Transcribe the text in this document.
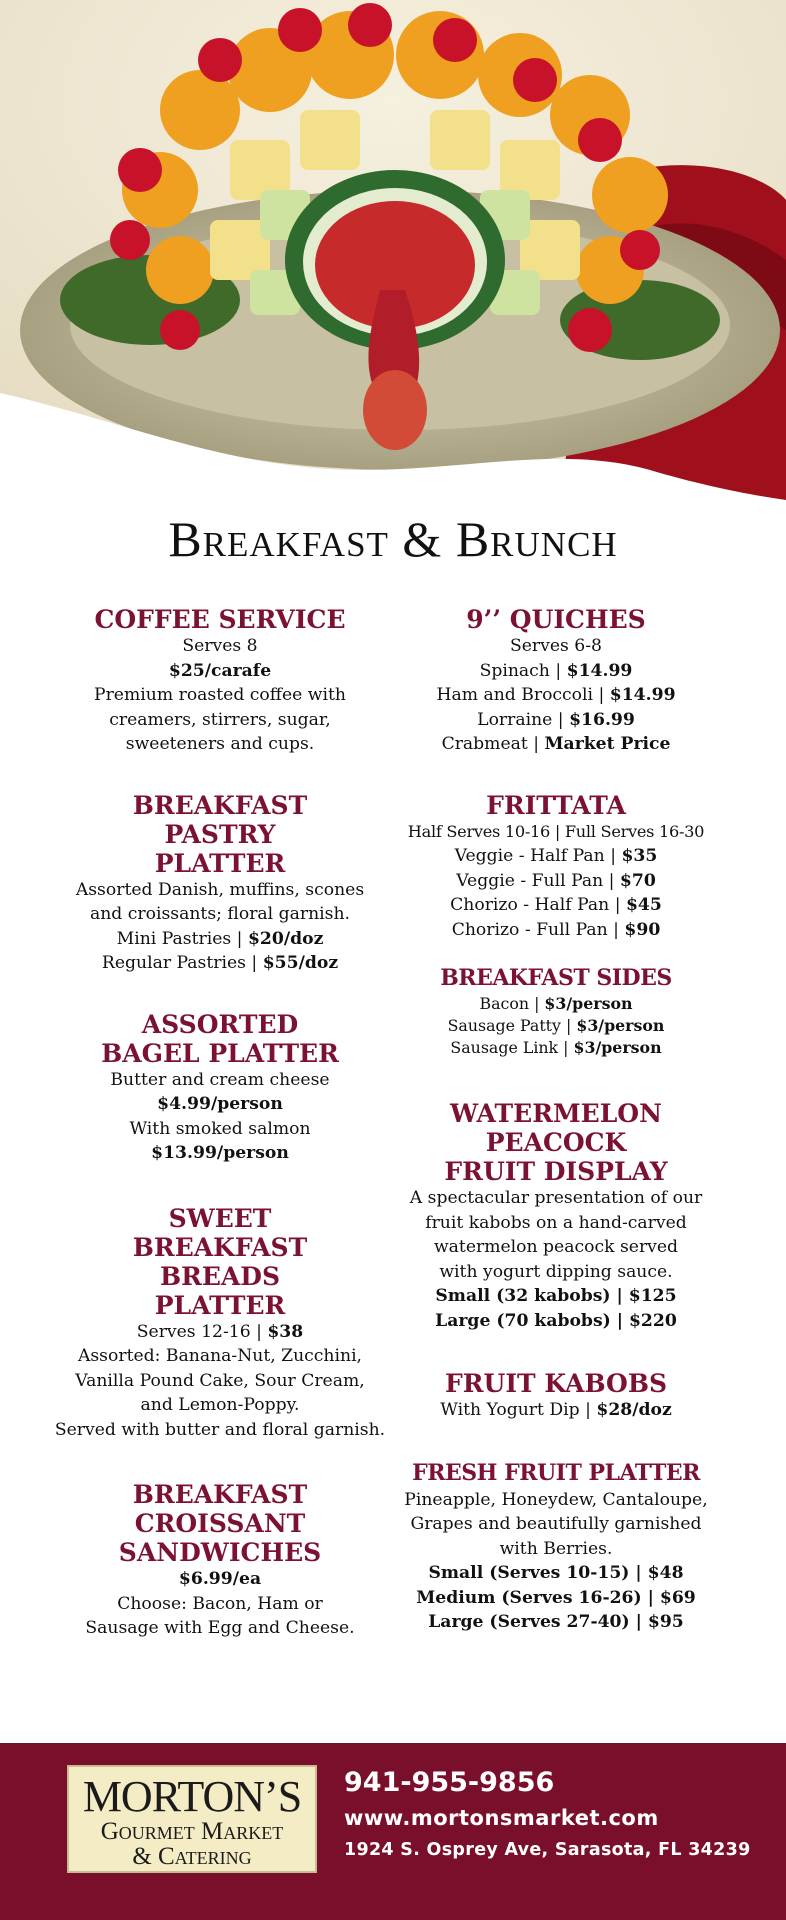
Breakfast & Brunch
COFFEE SERVICE
Serves 8
$25/carafe
Premium roasted coffee with
creamers, stirrers, sugar,
sweeteners and cups.
BREAKFAST
PASTRY
PLATTER
Assorted Danish, muffins, scones
and croissants; floral garnish.
Mini Pastries | $20/doz
Regular Pastries | $55/doz
ASSORTED
BAGEL PLATTER
Butter and cream cheese
$4.99/person
With smoked salmon
$13.99/person
SWEET
BREAKFAST
BREADS
PLATTER
Serves 12-16 | $38
Assorted: Banana-Nut, Zucchini,
Vanilla Pound Cake, Sour Cream,
and Lemon-Poppy.
Served with butter and floral garnish.
BREAKFAST
CROISSANT
SANDWICHES
$6.99/ea
Choose: Bacon, Ham or
Sausage with Egg and Cheese.
9’’ QUICHES
Serves 6-8
Spinach | $14.99
Ham and Broccoli | $14.99
Lorraine | $16.99
Crabmeat | Market Price
FRITTATA
Half Serves 10-16 | Full Serves 16-30
Veggie - Half Pan | $35
Veggie - Full Pan | $70
Chorizo - Half Pan | $45
Chorizo - Full Pan | $90
BREAKFAST SIDES
Bacon | $3/person
Sausage Patty | $3/person
Sausage Link | $3/person
WATERMELON
PEACOCK
FRUIT DISPLAY
A spectacular presentation of our
fruit kabobs on a hand-carved
watermelon peacock served
with yogurt dipping sauce.
Small (32 kabobs) | $125
Large (70 kabobs) | $220
FRUIT KABOBS
With Yogurt Dip | $28/doz
FRESH FRUIT PLATTER
Pineapple, Honeydew, Cantaloupe,
Grapes and beautifully garnished
with Berries.
Small (Serves 10-15) | $48
Medium (Serves 16-26) | $69
Large (Serves 27-40) | $95
MORTON’S
Gourmet Market
& Catering
941-955-9856
www.mortonsmarket.com
1924 S. Osprey Ave, Sarasota, FL 34239
